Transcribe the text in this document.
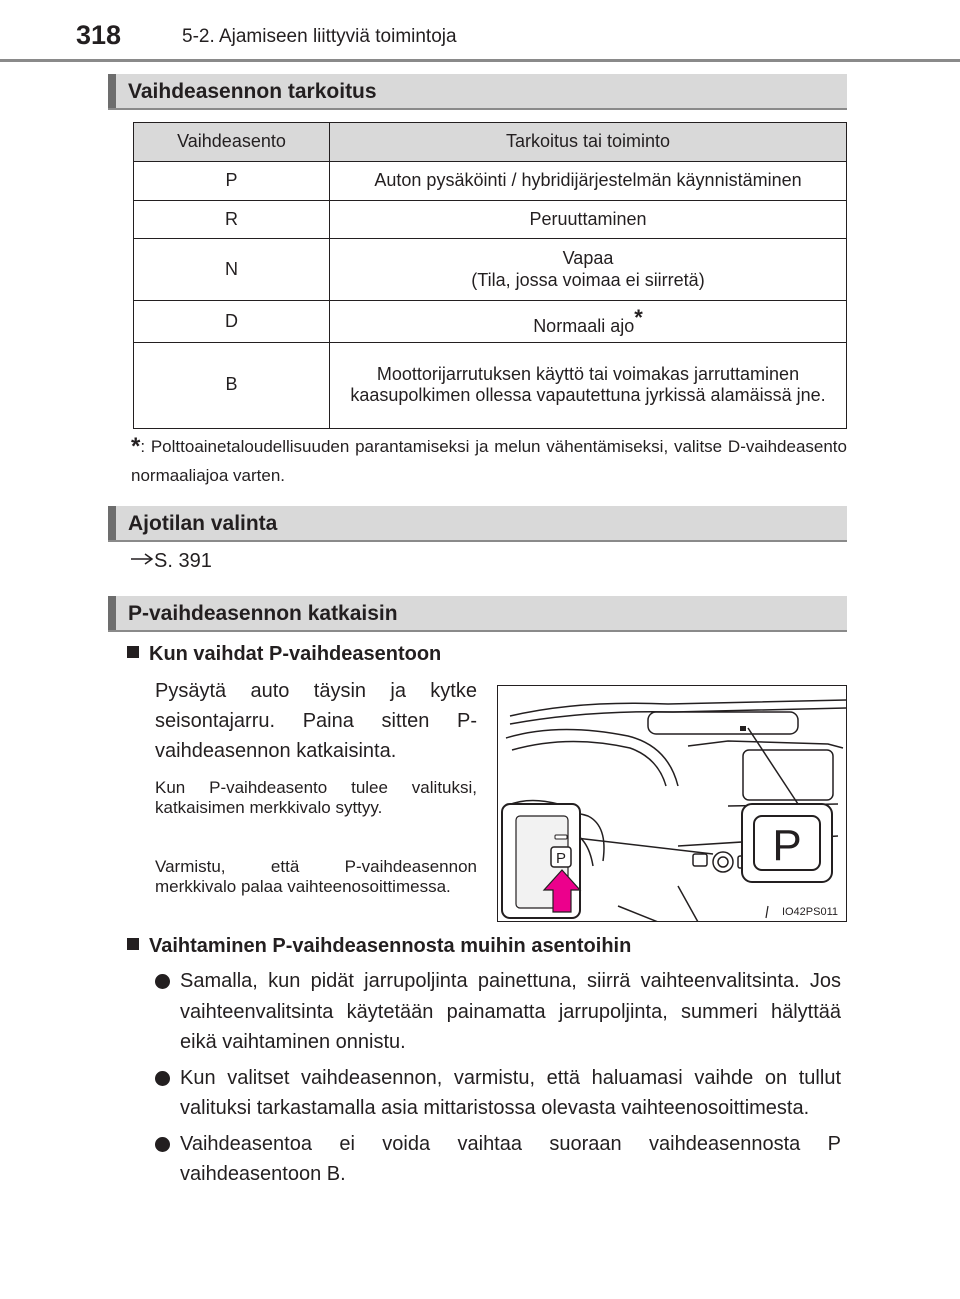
318	5-2. Ajamiseen liittyviä toimintoja
Vaihdeasennon tarkoitus
Vaihdeasento	Tarkoitus tai toiminto
P	Auton pysäköinti / hybridijärjestelmän käynnistäminen
R	Peruuttaminen
N	Vapaa
(Tila, jossa voimaa ei siirretä)

D	Normaali ajo*
B	Moottorijarrutuksen käyttö tai voimakas jarruttaminen kaasupolkimen ollessa vapautettuna jyrkissä alamäissä jne.
*: Polttoainetaloudellisuuden parantamiseksi ja melun vähentämiseksi, valitse D-vaihdeasento normaaliajoa varten.
Ajotilan valinta
S. 391
P-vaihdeasennon katkaisin
Kun vaihdat P-vaihdeasentoon
Pysäytä auto täysin ja kytke seisontajarru. Paina sitten P-vaihdeasennon katkaisinta.
Kun P-vaihdeasento tulee valituksi, katkaisimen merkkivalo syttyy.
Varmistu, että P-vaihdeasennon merkkivalo palaa vaihteenosoittimessa.
P
P
IO42PS011
Vaihtaminen P-vaihdeasennosta muihin asentoihin
Samalla, kun pidät jarrupoljinta painettuna, siirrä vaihteenvalitsinta. Jos vaihteenvalitsinta käytetään painamatta jarrupoljinta, summeri hälyttää eikä vaihtaminen onnistu.
Kun valitset vaihdeasennon, varmistu, että haluamasi vaihde on tullut valituksi tarkastamalla asia mittaristossa olevasta vaihteenosoittimesta.
Vaihdeasentoa ei voida vaihtaa suoraan vaihdeasennosta P vaihdeasentoon B.
